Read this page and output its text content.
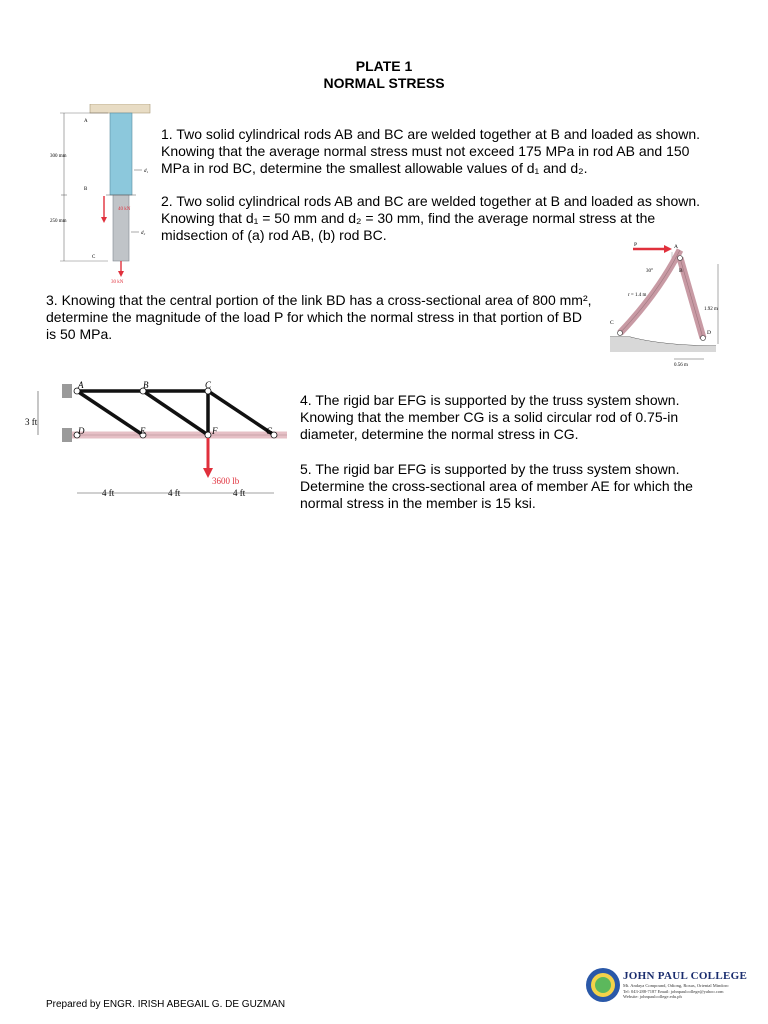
PLATE 1
NORMAL STRESS
A
B
C
300 mm
250 mm
d₁
d₂
40 kN
30 kN
1. Two solid cylindrical rods AB and BC are welded together at B and loaded as shown. Knowing that the average normal stress must not exceed 175 MPa in rod AB and 150 MPa in rod BC, determine the smallest allowable values of d₁ and d₂.
2. Two solid cylindrical rods AB and BC are welded together at B and loaded as shown. Knowing that d₁ = 50 mm and d₂ = 30 mm, find the average normal stress at the midsection of (a) rod AB, (b) rod BC.
P	A
30°
r = 1.4 m
B
C
D
1.92 m
0.56 m
3. Knowing that the central portion of the link BD has a cross-sectional area of 800 mm², determine the magnitude of the load P for which the normal stress in that portion of BD is 50 MPa.
A	B	C
D	E	F	G
3 ft
3600 lb
4 ft	4 ft	4 ft
4. The rigid bar EFG is supported by the truss system shown. Knowing that the member CG is a solid circular rod of 0.75-in diameter, determine the normal stress in CG.
5. The rigid bar EFG is supported by the truss system shown. Determine the cross-sectional area of member AE for which the normal stress in the member is 15 ksi.
Prepared by ENGR. IRISH ABEGAIL G. DE GUZMAN
JOHN PAUL COLLEGE
Mt. Andaya Compound, Odiong, Roxas, Oriental Mindoro
Tel: 043-288-7187 Email: johnpaulcollege@yahoo.com
Website: johnpaulcollege.edu.ph
